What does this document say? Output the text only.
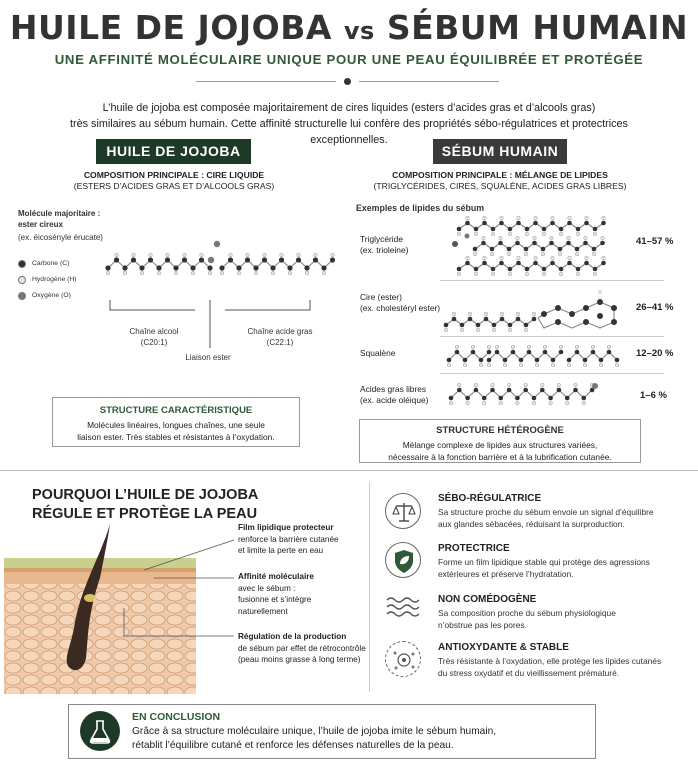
HUILE DE JOJOBA vs SÉBUM HUMAIN
UNE AFFINITÉ MOLÉCULAIRE UNIQUE POUR UNE PEAU ÉQUILIBRÉE ET PROTÉGÉE
L’huile de jojoba est composée majoritairement de cires liquides (esters d’acides gras et d’alcools gras)
très similaires au sébum humain. Cette affinité structurelle lui confère des propriétés sébo-régulatrices et protectrices exceptionnelles.
HUILE DE JOJOBA
COMPOSITION PRINCIPALE : CIRE LIQUIDE
(ESTERS D’ACIDES GRAS ET D’ALCOOLS GRAS)
Molécule majoritaire :
ester cireux
(ex. éicosényle érucate)
Carbone (C)
Hydrogène (H)
Oxygène (O)
Chaîne alcool
(C20:1)
Chaîne acide gras
(C22:1)
Liaison ester
STRUCTURE CARACTÉRISTIQUE

Molécules linéaires, longues chaînes, une seule

liaison ester. Très stables et résistantes à l’oxydation.

SÉBUM HUMAIN
COMPOSITION PRINCIPALE : MÉLANGE DE LIPIDES
(TRIGLYCÉRIDES, CIRES, SQUALÈNE, ACIDES GRAS LIBRES)
Exemples de lipides du sébum
Triglycéride
(ex. trioleine)
41–57 %
Cire (ester)
(ex. cholestéryl ester)	26–41 %
Squalène	12–20 %
Acides gras libres
(ex. acide oléique)	1–6 %
STRUCTURE HÉTÉROGÈNE

Mélange complexe de lipides aux structures variées,

nécessaire à la fonction barrière et à la lubrification cutanée.

POURQUOI L’HUILE DE JOJOBA
RÉGULE ET PROTÈGE LA PEAU
Film lipidique protecteur
renforce la barrière cutanée
et limite la perte en eau
Affinité moléculaire
avec le sébum :
fusionne et s’intègre
naturellement
Régulation de la production
de sébum par effet de rétrocontrôle
(peau moins grasse à long terme)
SÉBO-RÉGULATRICE
Sa structure proche du sébum envoie un signal d’équilibre
aux glandes sébacées, réduisant la surproduction.
PROTECTRICE
Forme un film lipidique stable qui protège des agressions
extérieures et préserve l’hydratation.
NON COMÉDOGÈNE
Sa composition proche du sébum physiologique
n’obstrue pas les pores.
ANTIOXYDANTE & STABLE
Très résistante à l’oxydation, elle protège les lipides cutanés
du stress oxydatif et du vieillissement prématuré.
EN CONCLUSION
Grâce à sa structure moléculaire unique, l’huile de jojoba imite le sébum humain,
rétablit l’équilibre cutané et renforce les défenses naturelles de la peau.
